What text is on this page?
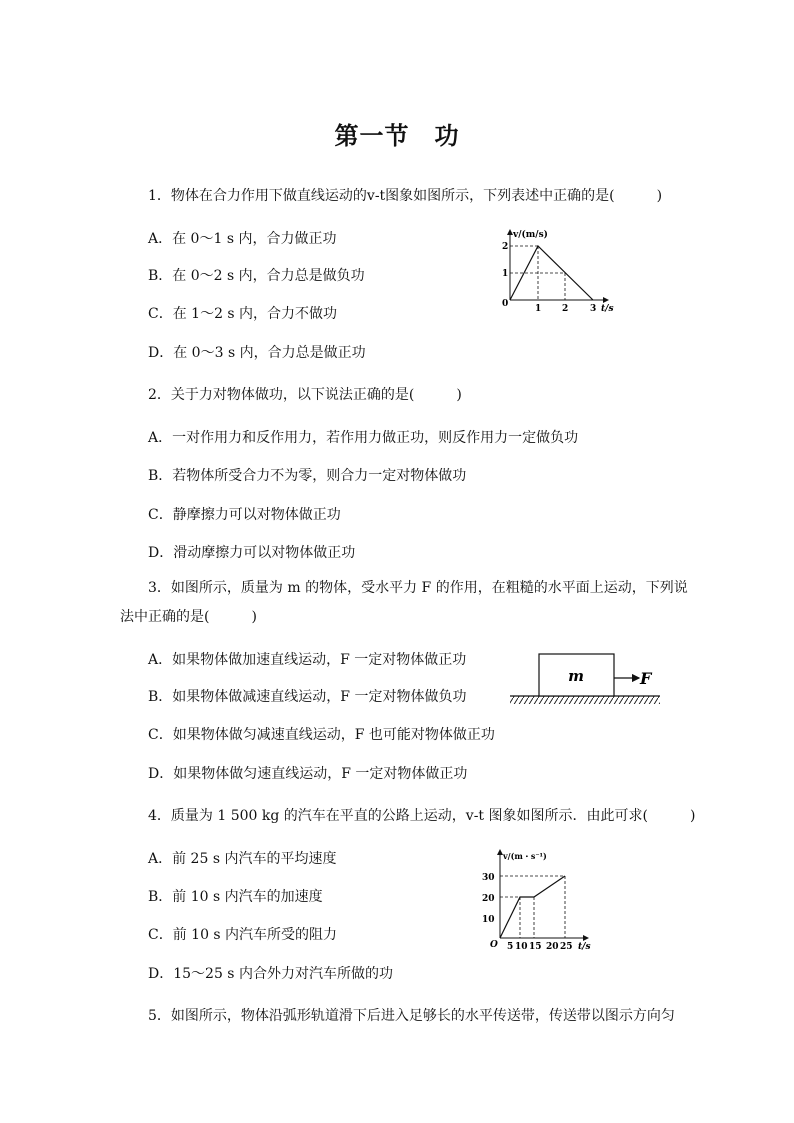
第一节　功
1．物体在合力作用下做直线运动的v-t图象如图所示，下列表述中正确的是(　　　)
A．在 0～1 s 内，合力做正功
B．在 0～2 s 内，合力总是做负功
C．在 1～2 s 内，合力不做功
D．在 0～3 s 内，合力总是做正功
v/(m/s)
0
2
1
1 2 3 t/s
2．关于力对物体做功，以下说法正确的是(　　　)
A．一对作用力和反作用力，若作用力做正功，则反作用力一定做负功
B．若物体所受合力不为零，则合力一定对物体做功
C．静摩擦力可以对物体做正功
D．滑动摩擦力可以对物体做正功
3．如图所示，质量为 m 的物体，受水平力 F 的作用，在粗糙的水平面上运动，下列说
法中正确的是(　　　)
A．如果物体做加速直线运动，F 一定对物体做正功
B．如果物体做减速直线运动，F 一定对物体做负功
C．如果物体做匀减速直线运动，F 也可能对物体做正功
D．如果物体做匀速直线运动，F 一定对物体做正功
m	F
4．质量为 1 500 kg 的汽车在平直的公路上运动，v-t 图象如图所示．由此可求(　　　)
A．前 25 s 内汽车的平均速度
B．前 10 s 内汽车的加速度
C．前 10 s 内汽车所受的阻力
D．15～25 s 内合外力对汽车所做的功
v/(m・s⁻¹)
30
20
10
O 5 10 15 20 25 t/s
5．如图所示，物体沿弧形轨道滑下后进入足够长的水平传送带，传送带以图示方向匀
